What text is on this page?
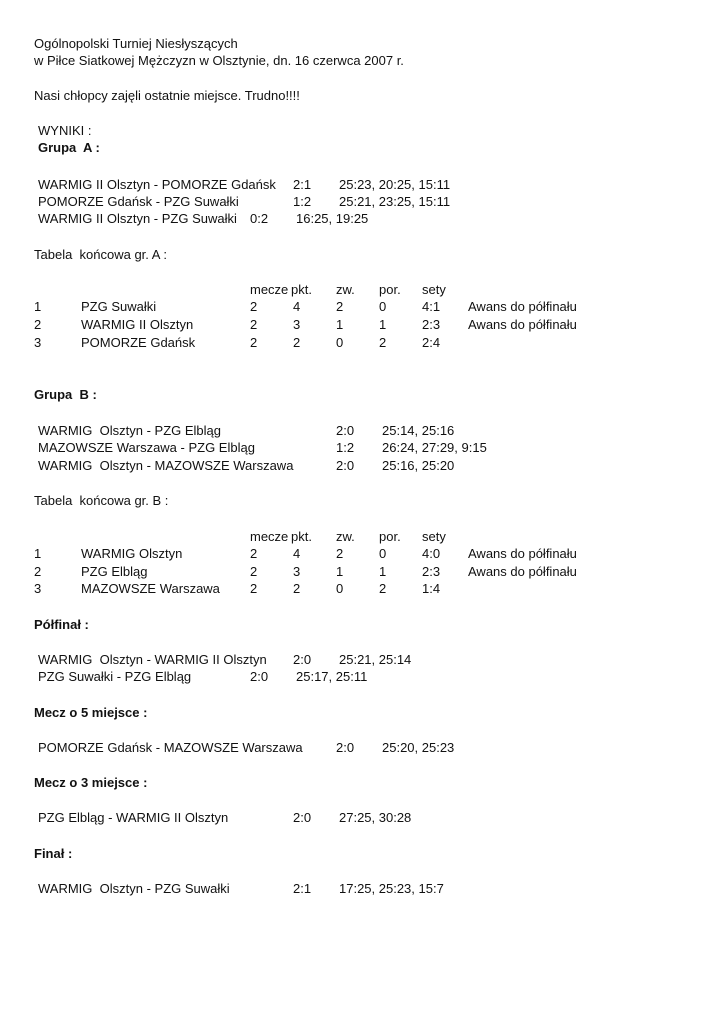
Ogólnopolski Turniej Niesłyszących
w Piłce Siatkowej Mężczyzn w Olsztynie, dn. 16 czerwca 2007 r.
Nasi chłopcy zajęli ostatnie miejsce. Trudno!!!!
WYNIKI :
Grupa  A :
WARMIG II Olsztyn - POMORZE Gdańsk 2:1 25:23, 20:25, 15:11
POMORZE Gdańsk - PZG Suwałki	1:2 25:21, 23:25, 15:11
WARMIG II Olsztyn - PZG Suwałki 0:2 16:25, 19:25
Tabela  końcowa gr. A :
mecze pkt. zw. por. sety
1	PZG Suwałki	2	4	2	0	4:1 Awans do półfinału
2	WARMIG II Olsztyn	2	3	1	1	2:3 Awans do półfinału
3	POMORZE Gdańsk	2	2	0	2	2:4
Grupa  B :
WARMIG  Olsztyn - PZG Elbląg	2:0 25:14, 25:16
MAZOWSZE Warszawa - PZG Elbląg	1:2 26:24, 27:29, 9:15
WARMIG  Olsztyn - MAZOWSZE Warszawa	2:0 25:16, 25:20
Tabela  końcowa gr. B :
mecze pkt. zw. por. sety
1	WARMIG Olsztyn	2	4	2	0	4:0 Awans do półfinału
2	PZG Elbląg	2	3	1	1	2:3 Awans do półfinału
3	MAZOWSZE Warszawa 2	2	0	2	1:4
Półfinał :
WARMIG  Olsztyn - WARMIG II Olsztyn 2:0 25:21, 25:14
PZG Suwałki - PZG Elbląg	2:0 25:17, 25:11
Mecz o 5 miejsce :
POMORZE Gdańsk - MAZOWSZE Warszawa	2:0 25:20, 25:23
Mecz o 3 miejsce :
PZG Elbląg - WARMIG II Olsztyn	2:0 27:25, 30:28
Finał :
WARMIG  Olsztyn - PZG Suwałki	2:1 17:25, 25:23, 15:7
